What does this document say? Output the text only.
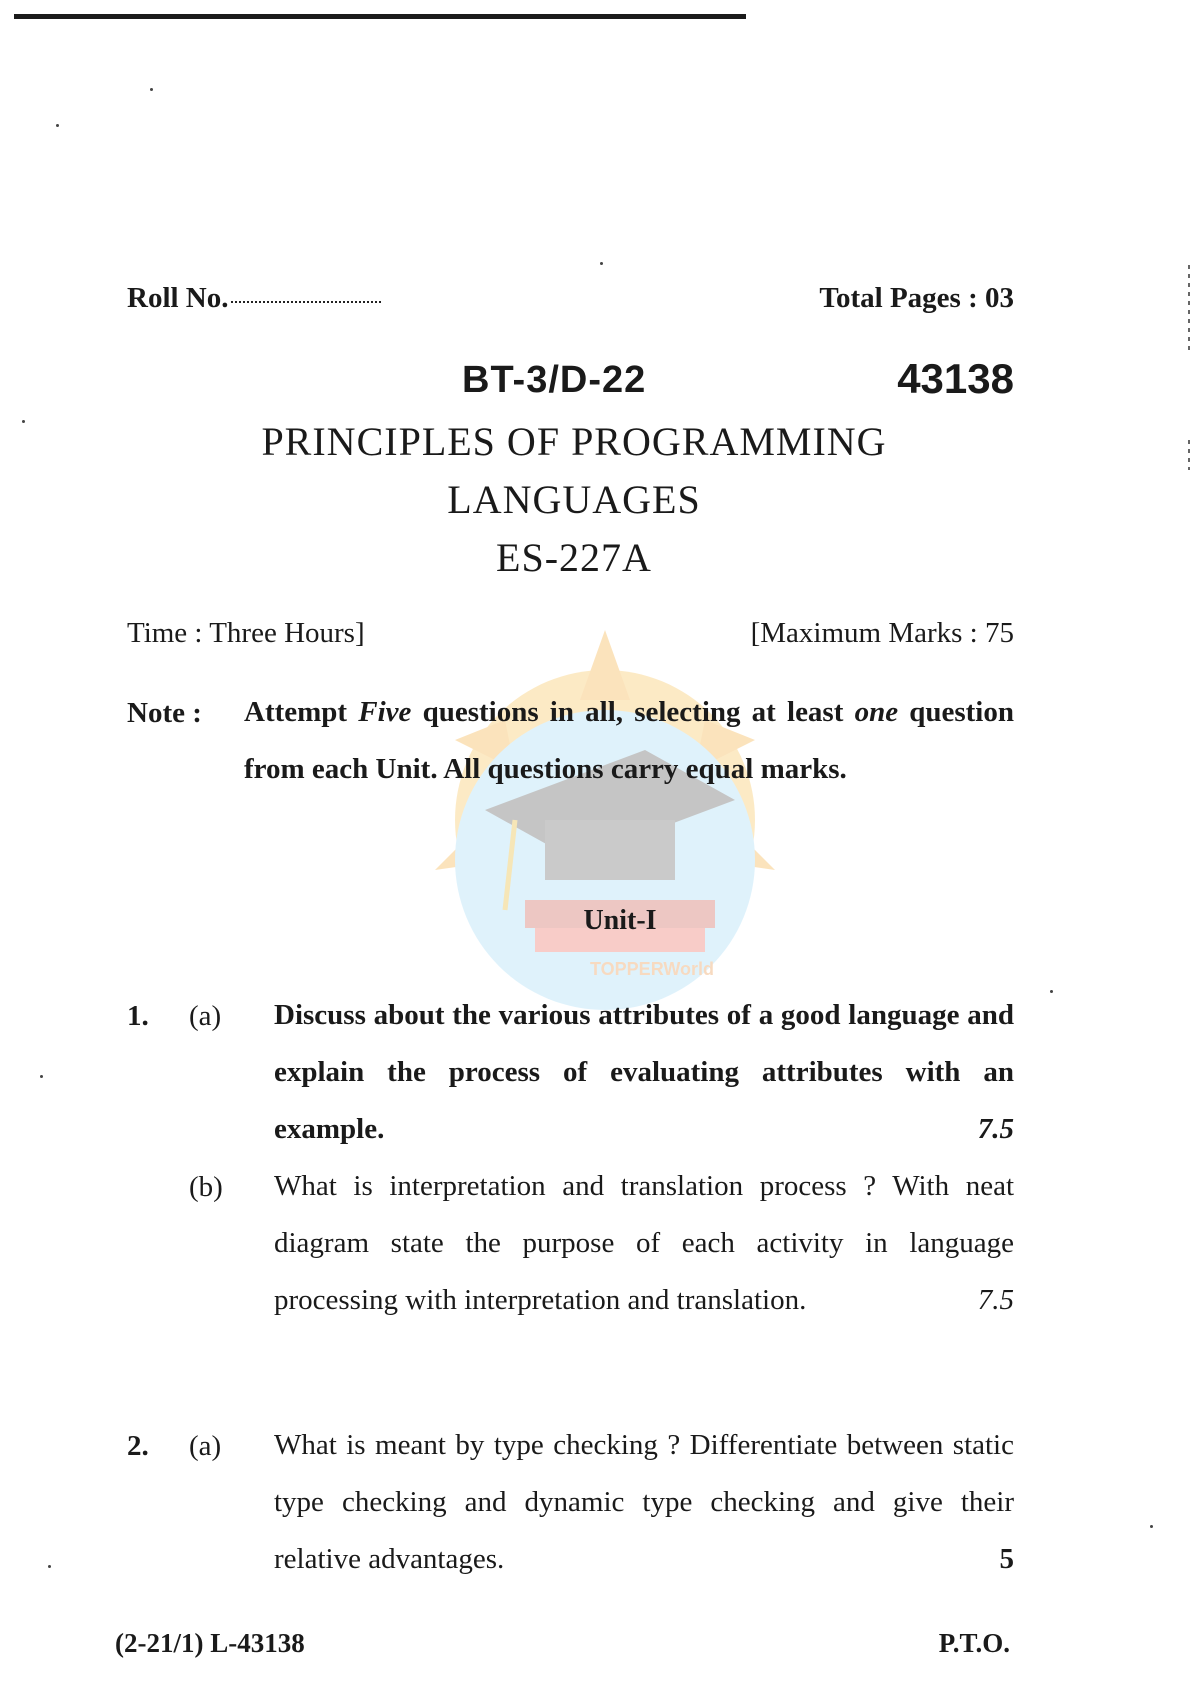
TOPPERWorld
Roll No.	Total Pages : 03
BT-3/D-22	43138
PRINCIPLES OF PROGRAMMING
LANGUAGES
ES-227A
Time : Three Hours]	[Maximum Marks : 75
Note : Attempt Five questions in all, selecting at least one question from each Unit. All questions carry equal marks.
Unit-I
1. (a) Discuss about the various attributes of a good language and explain the process of evaluating attributes with an example.	7.5
(b) What is interpretation and translation process ? With neat diagram state the purpose of each activity in language processing with interpretation and translation.	7.5
2. (a) What is meant by type checking ? Differentiate between static type checking and dynamic type checking and give their relative advantages.	5
(2-21/1) L-43138	P.T.O.
